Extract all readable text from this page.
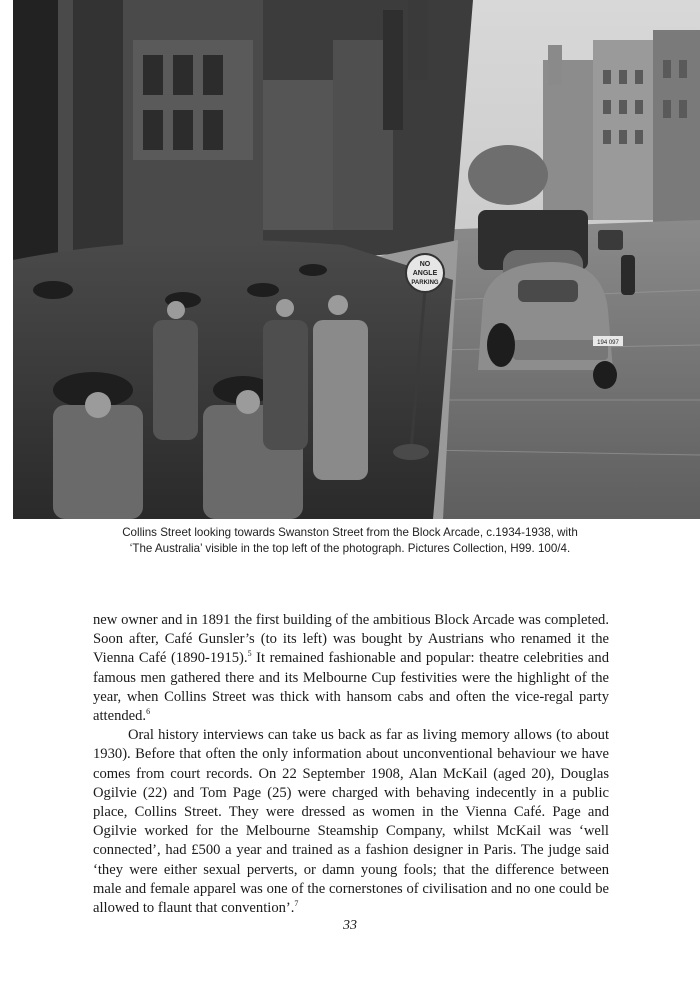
194 097
NO
ANGLE
PARKING

Collins Street looking towards Swanston Street from the Block Arcade, c.1934-1938, with

‘The Australia’ visible in the top left of the photograph. Pictures Collection, H99. 100/4.

new owner and in 1891 the first building of the ambitious Block Arcade was completed. Soon after, Café Gunsler’s (to its left) was bought by Austrians who renamed it the Vienna Café (1890-1915).$^5$ It remained fashionable and popular: theatre celebrities and famous men gathered there and its Melbourne Cup festivities were the highlight of the year, when Collins Street was thick with hansom cabs and often the vice-regal party attended.$^6$

Oral history interviews can take us back as far as living memory allows (to about 1930). Before that often the only information about unconventional behaviour we have comes from court records. On 22 September 1908, Alan McKail (aged 20), Douglas Ogilvie (22) and Tom Page (25) were charged with behaving indecently in a public place, Collins Street. They were dressed as women in the Vienna Café. Page and Ogilvie worked for the Melbourne Steamship Company, whilst McKail was ‘well connected’, had £500 a year and trained as a fashion designer in Paris. The judge said ‘they were either sexual perverts, or damn young fools; that the difference between male and female apparel was one of the cornerstones of civilisation and no one could be allowed to flaunt that convention’.$^7$

33
